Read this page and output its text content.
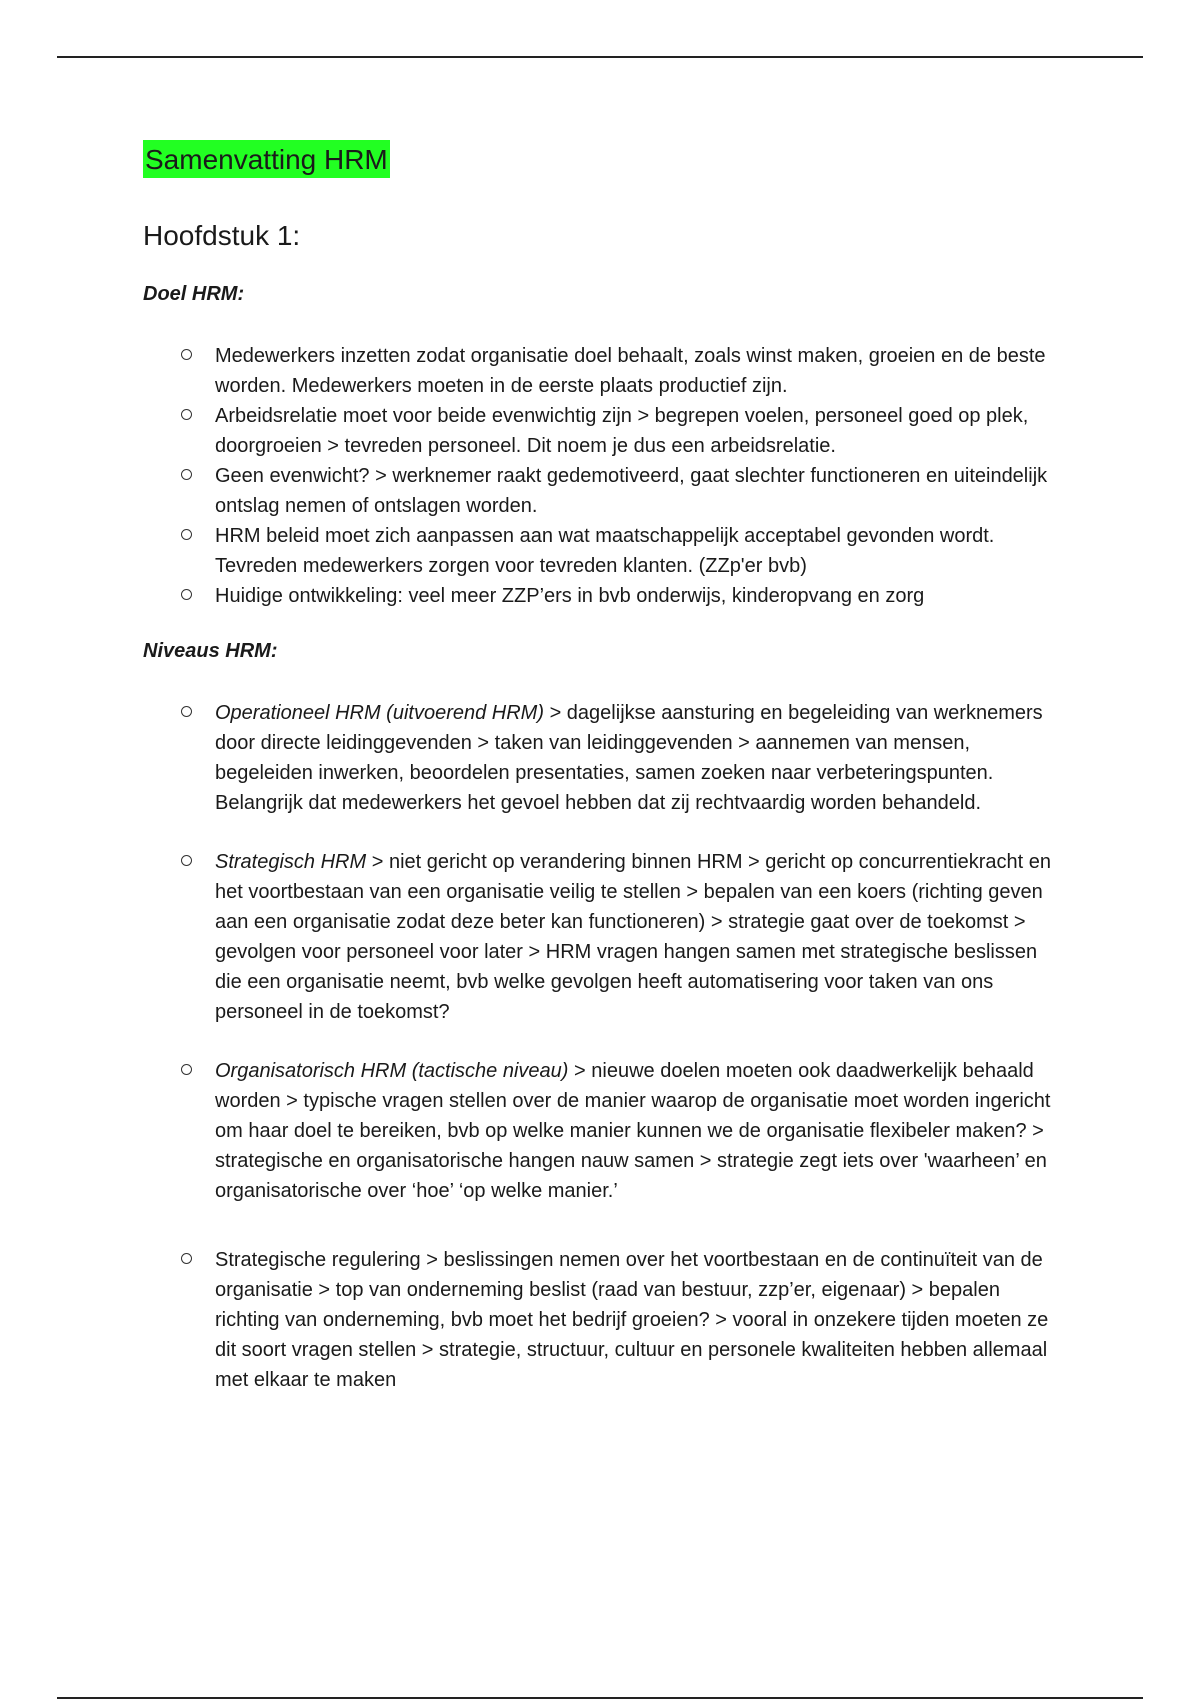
Samenvatting HRM
Hoofdstuk 1:
Doel HRM:
Medewerkers inzetten zodat organisatie doel behaalt, zoals winst maken, groeien en de beste worden. Medewerkers moeten in de eerste plaats productief zijn.
Arbeidsrelatie moet voor beide evenwichtig zijn > begrepen voelen, personeel goed op plek, doorgroeien > tevreden personeel. Dit noem je dus een arbeidsrelatie.
Geen evenwicht? > werknemer raakt gedemotiveerd, gaat slechter functioneren en uiteindelijk ontslag nemen of ontslagen worden.
HRM beleid moet zich aanpassen aan wat maatschappelijk acceptabel gevonden wordt. Tevreden medewerkers zorgen voor tevreden klanten. (ZZp'er bvb)
Huidige ontwikkeling: veel meer ZZP’ers in bvb onderwijs, kinderopvang en zorg
Niveaus HRM:
Operationeel HRM (uitvoerend HRM) > dagelijkse aansturing en begeleiding van werknemers door directe leidinggevenden > taken van leidinggevenden > aannemen van mensen, begeleiden inwerken, beoordelen presentaties, samen zoeken naar verbeteringspunten. Belangrijk dat medewerkers het gevoel hebben dat zij rechtvaardig worden behandeld.
Strategisch HRM > niet gericht op verandering binnen HRM > gericht op concurrentiekracht en het voortbestaan van een organisatie veilig te stellen > bepalen van een koers (richting geven aan een organisatie zodat deze beter kan functioneren) > strategie gaat over de toekomst > gevolgen voor personeel voor later > HRM vragen hangen samen met strategische beslissen die een organisatie neemt, bvb welke gevolgen heeft automatisering voor taken van ons personeel in de toekomst?
Organisatorisch HRM (tactische niveau) > nieuwe doelen moeten ook daadwerkelijk behaald worden > typische vragen stellen over de manier waarop de organisatie moet worden ingericht om haar doel te bereiken, bvb op welke manier kunnen we de organisatie flexibeler maken? > strategische en organisatorische hangen nauw samen > strategie zegt iets over 'waarheen’ en organisatorische over ‘hoe’ ‘op welke manier.’
Strategische regulering > beslissingen nemen over het voortbestaan en de continuïteit van de organisatie > top van onderneming beslist (raad van bestuur, zzp’er, eigenaar) > bepalen richting van onderneming, bvb moet het bedrijf groeien? > vooral in onzekere tijden moeten ze dit soort vragen stellen > strategie, structuur, cultuur en personele kwaliteiten hebben allemaal met elkaar te maken
